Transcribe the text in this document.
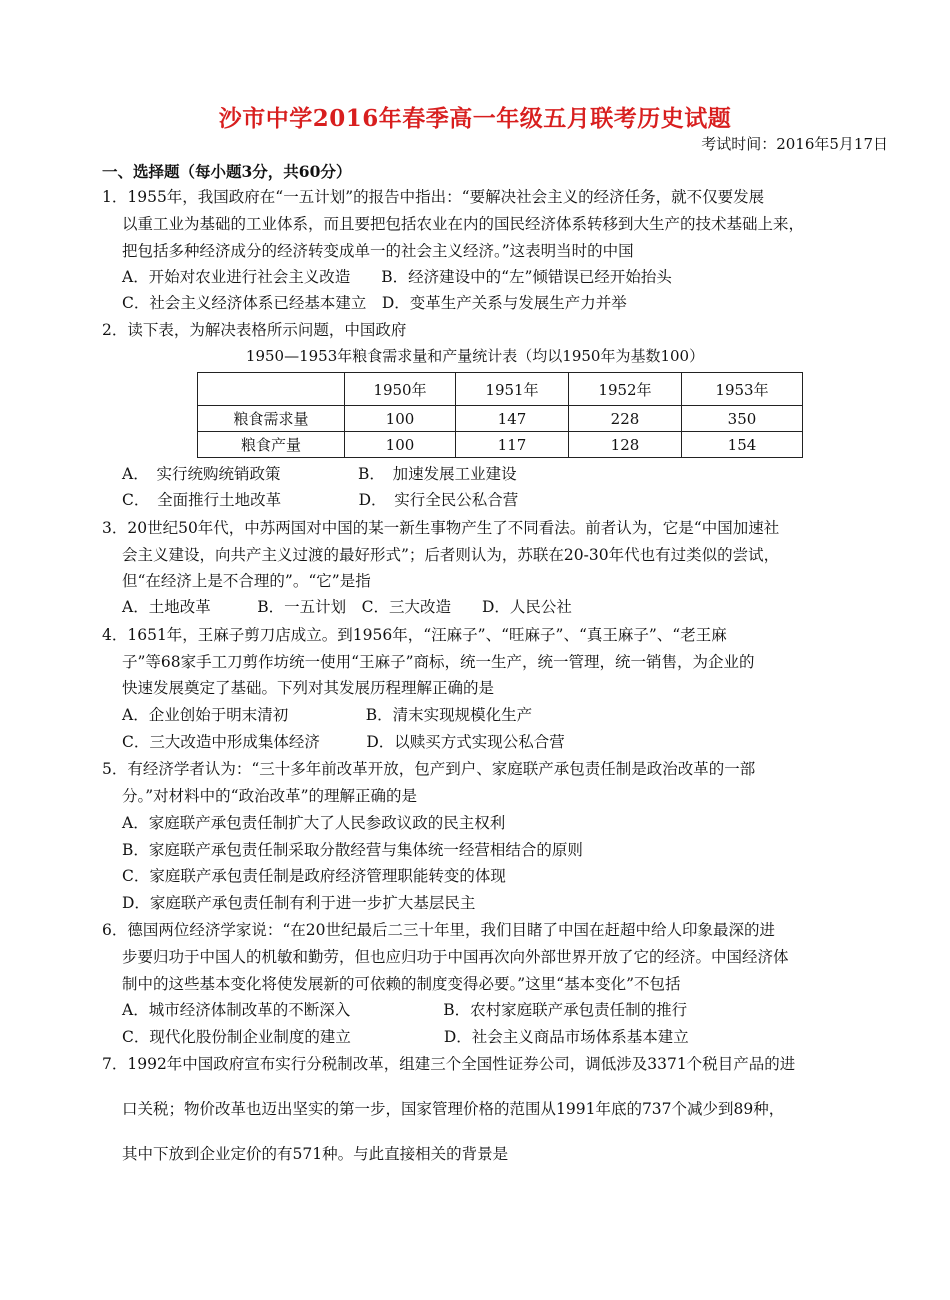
沙市中学2016年春季高一年级五月联考历史试题
考试时间：2016年5月17日
一、选择题（每小题3分，共60分）
1．1955年，我国政府在“一五计划”的报告中指出：“要解决社会主义的经济任务，就不仅要发展
以重工业为基础的工业体系，而且要把包括农业在内的国民经济体系转移到大生产的技术基础上来，
把包括多种经济成分的经济转变成单一的社会主义经济。”这表明当时的中国
A．开始对农业进行社会主义改造　　B．经济建设中的“左”倾错误已经开始抬头
C．社会主义经济体系已经基本建立　D．变革生产关系与发展生产力并举
2．读下表，为解决表格所示问题，中国政府
1950—1953年粮食需求量和产量统计表（均以1950年为基数100）
	1950年	1951年	1952年	1953年
粮食需求量	100	147	228	350
粮食产量	100	117	128	154
A．　实行统购统销政策　　　　　B．　加速发展工业建设
C．　全面推行土地改革　　　　　D．　实行全民公私合营
3．20世纪50年代，中苏两国对中国的某一新生事物产生了不同看法。前者认为，它是“中国加速社
会主义建设，向共产主义过渡的最好形式”；后者则认为，苏联在20-30年代也有过类似的尝试，
但“在经济上是不合理的”。“它”是指
A．土地改革　　　B．一五计划　C．三大改造　　D．人民公社
4．1651年，王麻子剪刀店成立。到1956年，“汪麻子”、“旺麻子”、“真王麻子”、“老王麻
子”等68家手工刀剪作坊统一使用“王麻子”商标，统一生产，统一管理，统一销售，为企业的
快速发展奠定了基础。下列对其发展历程理解正确的是
A．企业创始于明末清初　　　　　B．清末实现规模化生产
C．三大改造中形成集体经济　　　D．以赎买方式实现公私合营
5．有经济学者认为：“三十多年前改革开放，包产到户、家庭联产承包责任制是政治改革的一部
分。”对材料中的“政治改革”的理解正确的是
A．家庭联产承包责任制扩大了人民参政议政的民主权利
B．家庭联产承包责任制采取分散经营与集体统一经营相结合的原则
C．家庭联产承包责任制是政府经济管理职能转变的体现
D．家庭联产承包责任制有利于进一步扩大基层民主
6．德国两位经济学家说：“在20世纪最后二三十年里，我们目睹了中国在赶超中给人印象最深的进
步要归功于中国人的机敏和勤劳，但也应归功于中国再次向外部世界开放了它的经济。中国经济体
制中的这些基本变化将使发展新的可依赖的制度变得必要。”这里“基本变化”不包括
A．城市经济体制改革的不断深入　　　　　　B．农村家庭联产承包责任制的推行
C．现代化股份制企业制度的建立　　　　　　D．社会主义商品市场体系基本建立
7．1992年中国政府宣布实行分税制改革，组建三个全国性证券公司，调低涉及3371个税目产品的进
口关税；物价改革也迈出坚实的第一步，国家管理价格的范围从1991年底的737个减少到89种，
其中下放到企业定价的有571种。与此直接相关的背景是
